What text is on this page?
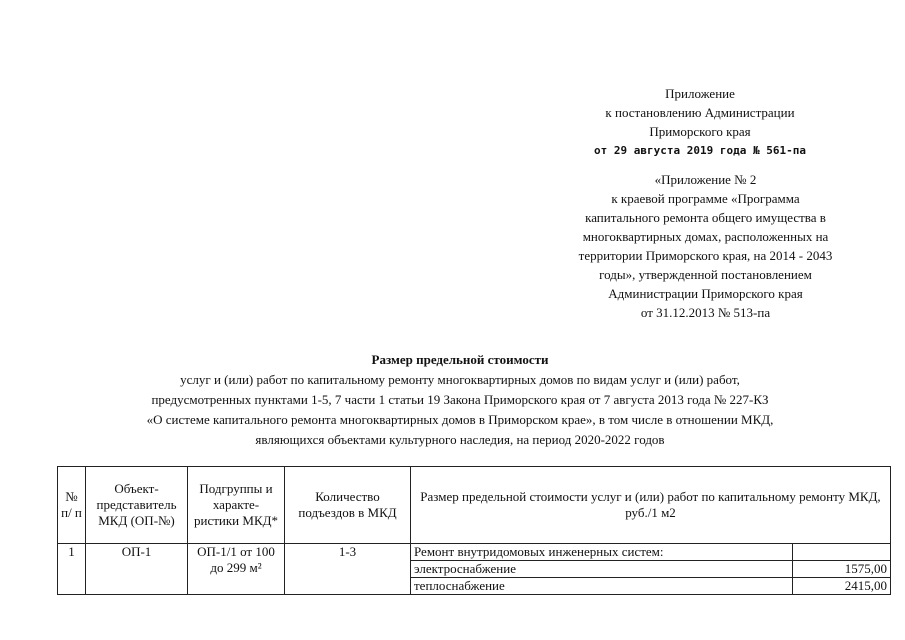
Приложение
к постановлению Администрации
Приморского края
от 29 августа 2019 года № 561-па
«Приложение № 2
к краевой программе «Программа
капитального ремонта общего имущества в
многоквартирных домах, расположенных на
территории Приморского края, на 2014 - 2043
годы», утвержденной постановлением
Администрации Приморского края
от 31.12.2013 № 513-па
Размер предельной стоимости
услуг и (или) работ по капитальному ремонту многоквартирных домов по видам услуг и (или) работ,
предусмотренных пунктами 1-5, 7 части 1 статьи 19 Закона Приморского края от 7 августа 2013 года № 227-КЗ
«О системе капитального ремонта многоквартирных домов в Приморском крае», в том числе в отношении МКД,
являющихся объектами культурного наследия, на период 2020-2022 годов
№ п/ п	Объект-представитель МКД (ОП-№)	Подгруппы и характе-ристики МКД*	Количество подъездов в МКД	Размер предельной стоимости услуг и (или) работ по капитальному ремонту МКД, руб./1 м2	
1	ОП-1	ОП-1/1 от 100 до 299 м²	1-3	Ремонт внутридомовых инженерных систем:	
				электроснабжение	1575,00
				теплоснабжение	2415,00
